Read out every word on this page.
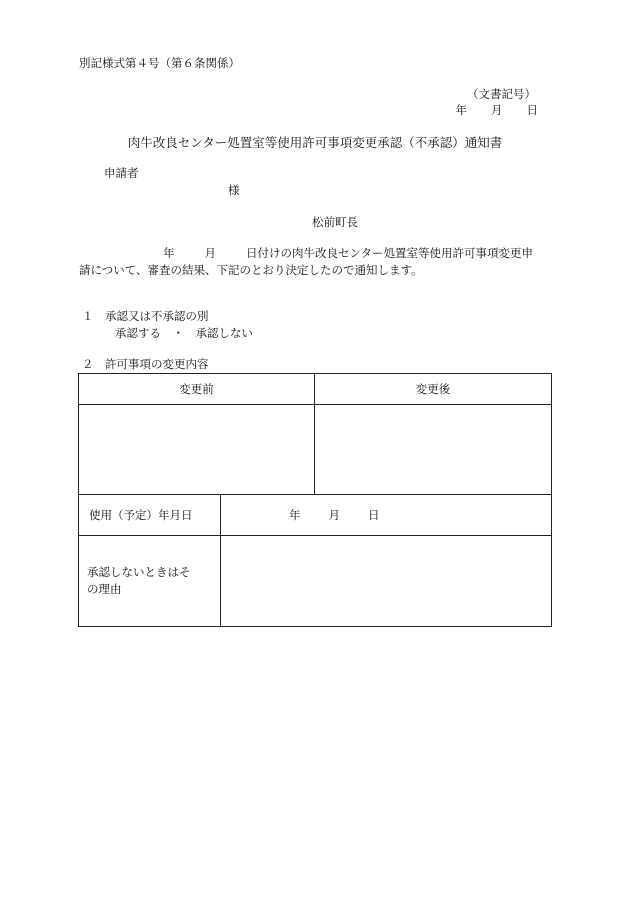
別記様式第４号（第６条関係）
（文書記号）
年 月 日
肉牛改良センター処置室等使用許可事項変更承認（不承認）通知書
申請者
様
松前町長
年	月	日付けの肉牛改良センター処置室等使用許可事項変更申
請について、審査の結果、下記のとおり決定したので通知します。
１　承認又は不承認の別
承認する　・　承認しない
２　許可事項の変更内容
変更前		変更後

使用（予定）年月日	年 月 日	
承認しないときはそ
の理由		
